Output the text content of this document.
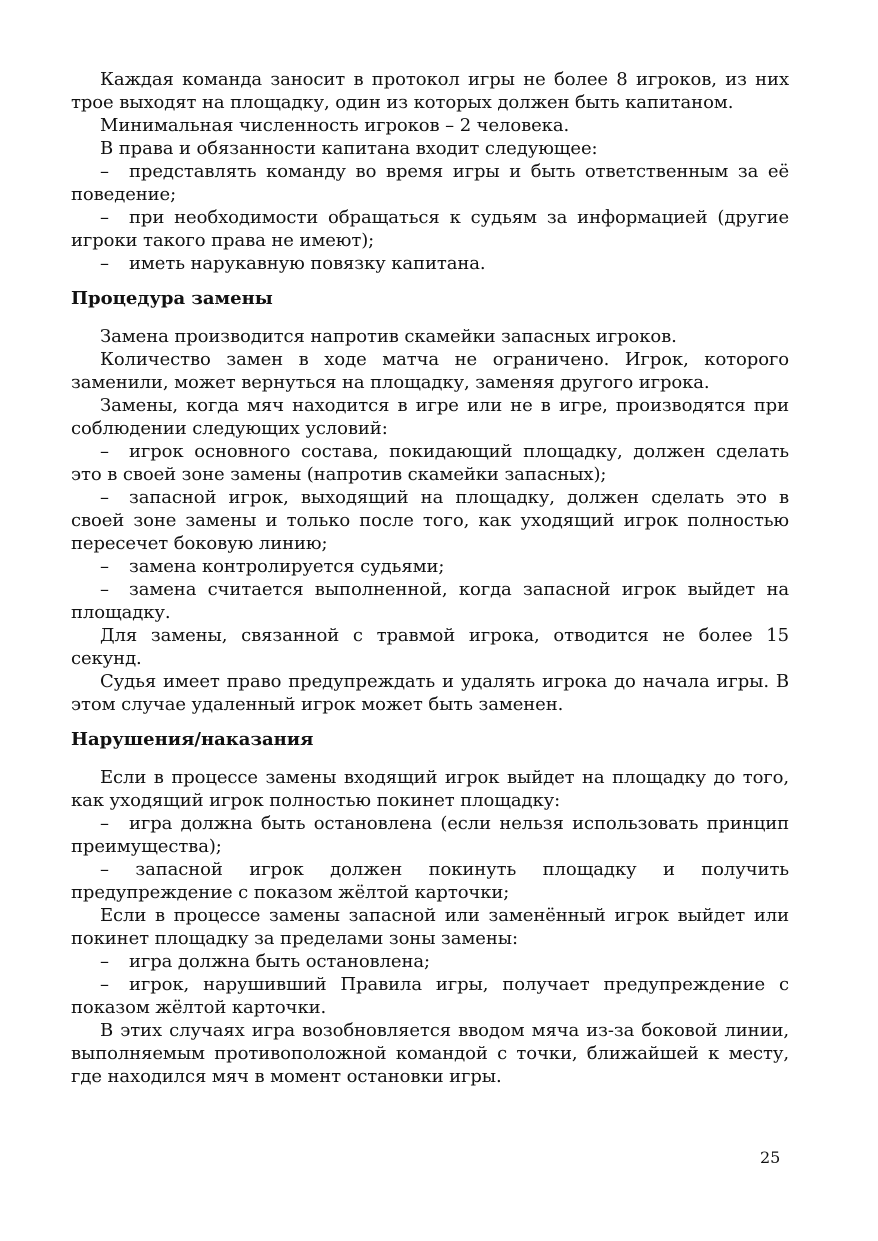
Каждая команда заносит в протокол игры не более 8 игроков, из них трое выходят на площадку, один из которых должен быть капитаном.

Минимальная численность игроков – 2 человека.

В права и обязанности капитана входит следующее:

– представлять команду во время игры и быть ответственным за её поведение;

– при необходимости обращаться к судьям за информацией (другие игроки такого права не имеют);

– иметь нарукавную повязку капитана.

Процедура замены

Замена производится напротив скамейки запасных игроков.

Количество замен в ходе матча не ограничено. Игрок, которого заменили, может вернуться на площадку, заменяя другого игрока.

Замены, когда мяч находится в игре или не в игре, производятся при соблюдении следующих условий:

– игрок основного состава, покидающий площадку, должен сделать это в своей зоне замены (напротив скамейки запасных);

– запасной игрок, выходящий на площадку, должен сделать это в своей зоне замены и только после того, как уходящий игрок полностью пересечет боковую линию;

– замена контролируется судьями;

– замена считается выполненной, когда запасной игрок выйдет на площадку.

Для замены, связанной с травмой игрока, отводится не более 15 секунд.

Судья имеет право предупреждать и удалять игрока до начала игры. В этом случае удаленный игрок может быть заменен.

Нарушения/наказания

Если в процессе замены входящий игрок выйдет на площадку до того, как уходящий игрок полностью покинет площадку:

– игра должна быть остановлена (если нельзя использовать принцип преимущества);

– запасной игрок должен покинуть площадку и получить предупреждение с показом жёлтой карточки;

Если в процессе замены запасной или заменённый игрок выйдет или покинет площадку за пределами зоны замены:

– игра должна быть остановлена;

– игрок, нарушивший Правила игры, получает предупреждение с показом жёлтой карточки.

В этих случаях игра возобновляется вводом мяча из-за боковой линии, выполняемым противоположной командой с точки, ближайшей к месту, где находился мяч в момент остановки игры.

25
